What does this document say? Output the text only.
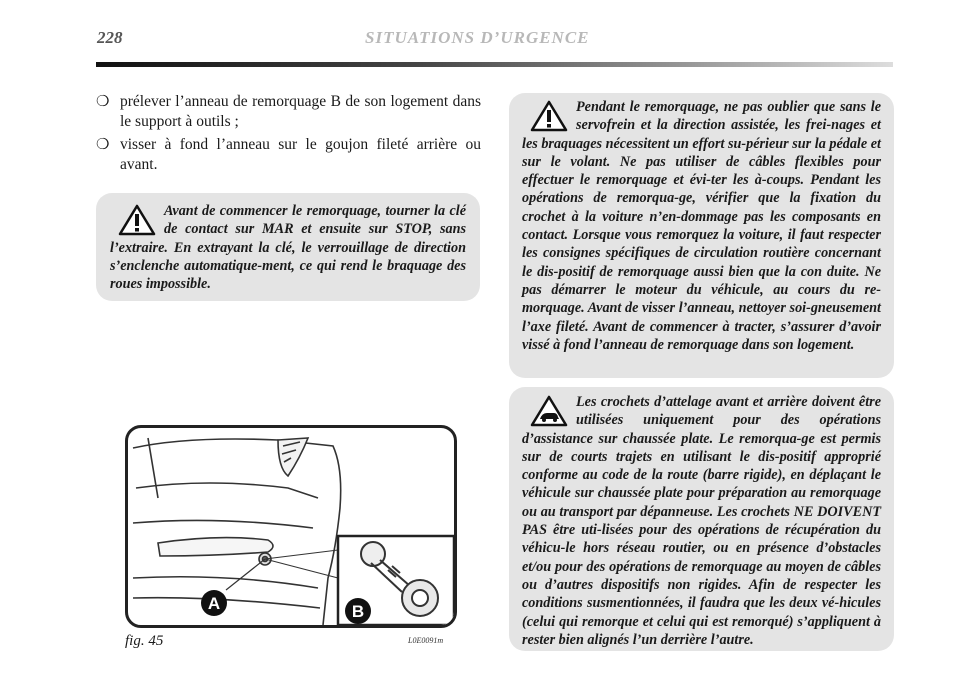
228	SITUATIONS D’URGENCE
❍ prélever l’anneau de remorquage B de son logement dans le support à outils ;
❍ visser à fond l’anneau sur le goujon fileté arrière ou avant.
Avant de commencer le remorquage, tourner la clé de contact sur MAR et ensuite sur STOP, sans l’extraire. En extrayant la clé, le verrouillage de direction s’enclenche automatique-ment, ce qui rend le braquage des roues impossible.
Pendant le remorquage, ne pas oublier que sans le servofrein et la direction assistée, les frei-nages et les braquages nécessitent un effort su-périeur sur la pédale et sur le volant. Ne pas utiliser de câbles flexibles pour effectuer le remorquage et évi-ter les à-coups. Pendant les opérations de remorqua-ge, vérifier que la fixation du crochet à la voiture n’en-dommage pas les composants en contact. Lorsque vous remorquez la voiture, il faut respecter les consignes spécifiques de circulation routière concernant le dis-positif de remorquage aussi bien que la con duite. Ne pas démarrer le moteur du véhicule, au cours du re-morquage. Avant de visser l’anneau, nettoyer soi-gneusement l’axe fileté. Avant de commencer à tracter, s’assurer d’avoir vissé à fond l’anneau de remorquage dans son logement.
Les crochets d’attelage avant et arrière doivent être utilisées uniquement pour des opérations d’assistance sur chaussée plate. Le remorqua-ge est permis sur de courts trajets en utilisant le dis-positif approprié conforme au code de la route (barre rigide), en déplaçant le véhicule sur chaussée plate pour préparation au remorquage ou au transport par dépanneuse. Les crochets NE DOIVENT PAS être uti-lisées pour des opérations de récupération du véhicu-le hors réseau routier, ou en présence d’obstacles et/ou pour des opérations de remorquage au moyen de câbles ou d’autres dispositifs non rigides. Afin de respecter les conditions susmentionnées, il faudra que les deux vé-hicules (celui qui remorque et celui qui est remorqué) s’appliquent à rester bien alignés l’un derrière l’autre.
A	B
fig. 45	L0E0091m
